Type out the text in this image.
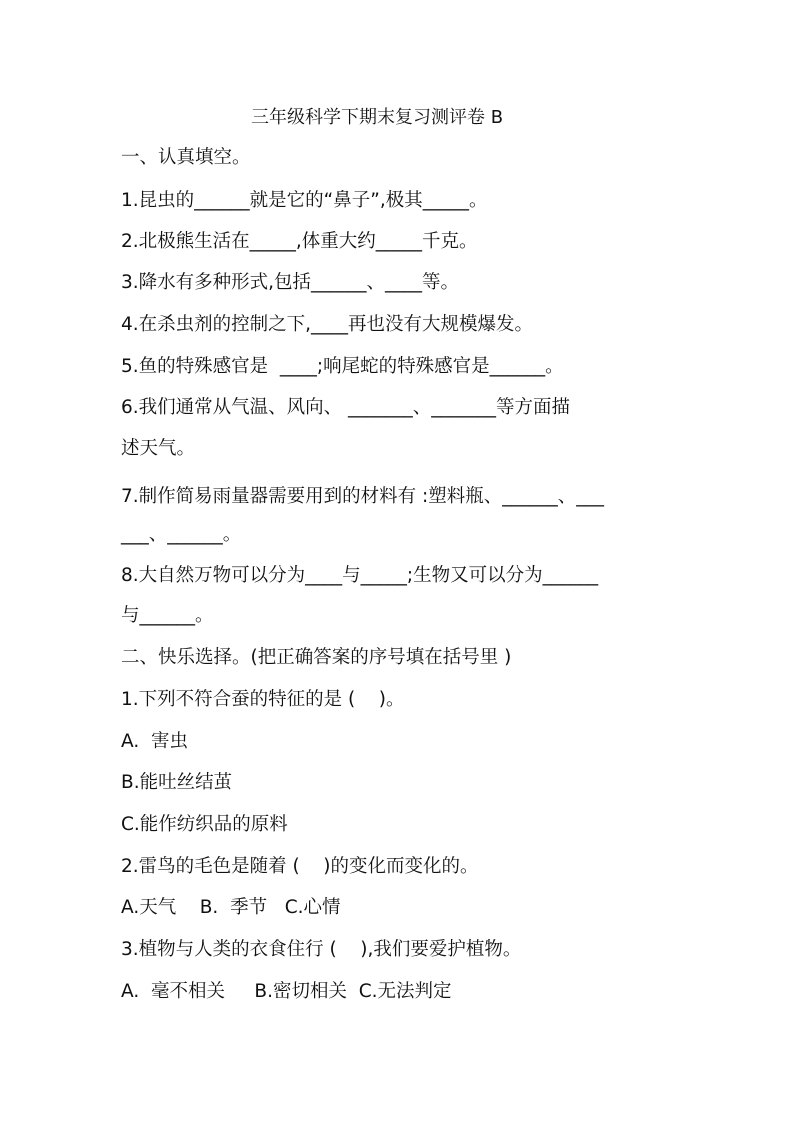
三年级科学下期末复习测评卷 B
一、认真填空。
1.昆虫的______就是它的“鼻子”,极其_____。
2.北极熊生活在_____,体重大约_____千克。
3.降水有多种形式,包括______、____等。
4.在杀虫剂的控制之下,____再也没有大规模爆发。
5.鱼的特殊感官是  ____;响尾蛇的特殊感官是______。
6.我们通常从气温、风向、 _______、_______等方面描
述天气。
7.制作简易雨量器需要用到的材料有 :塑料瓶、______、___
___、______。
8.大自然万物可以分为____与_____;生物又可以分为______
与______。
二、快乐选择。(把正确答案的序号填在括号里 )
1.下列不符合蚕的特征的是 (    )。
A.  害虫
B.能吐丝结茧
C.能作纺织品的原料
2.雷鸟的毛色是随着 (    )的变化而变化的。
A.天气    B.  季节   C.心情
3.植物与人类的衣食住行 (    ),我们要爱护植物。
A.  毫不相关     B.密切相关  C.无法判定
